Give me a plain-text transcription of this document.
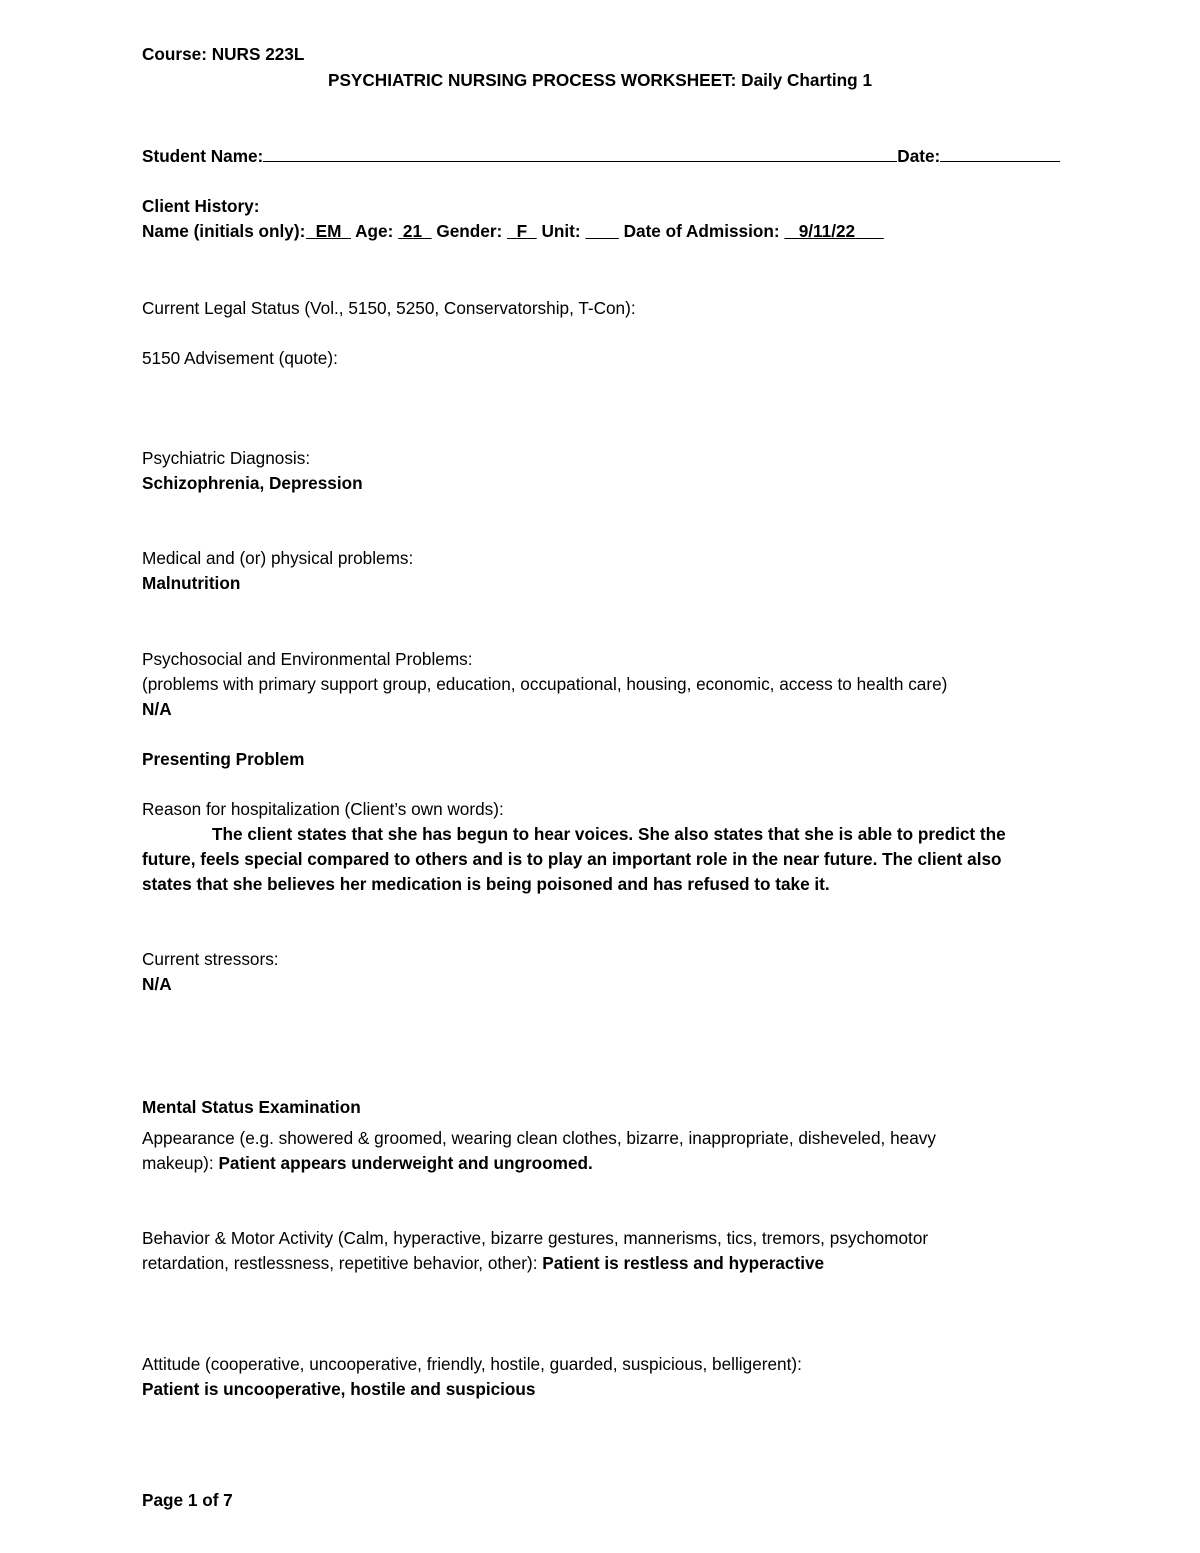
Course: NURS 223L
PSYCHIATRIC NURSING PROCESS WORKSHEET: Daily Charting 1
Student Name:	Date:
Client History:
Name (initials only): EM Age: 21 Gender: F Unit:	Date of Admission: 9/11/22
Current Legal Status (Vol., 5150, 5250, Conservatorship, T-Con):
5150 Advisement (quote):
Psychiatric Diagnosis:
Schizophrenia, Depression
Medical and (or) physical problems:
Malnutrition
Psychosocial and Environmental Problems:
(problems with primary support group, education, occupational, housing, economic, access to health care)
N/A
Presenting Problem
Reason for hospitalization (Client’s own words):
The client states that she has begun to hear voices. She also states that she is able to predict the
future, feels special compared to others and is to play an important role in the near future. The client also
states that she believes her medication is being poisoned and has refused to take it.
Current stressors:
N/A
Mental Status Examination
Appearance (e.g. showered & groomed, wearing clean clothes, bizarre, inappropriate, disheveled, heavy
makeup): Patient appears underweight and ungroomed.
Behavior & Motor Activity (Calm, hyperactive, bizarre gestures, mannerisms, tics, tremors, psychomotor
retardation, restlessness, repetitive behavior, other): Patient is restless and hyperactive
Attitude (cooperative, uncooperative, friendly, hostile, guarded, suspicious, belligerent):
Patient is uncooperative, hostile and suspicious
Page 1 of 7
